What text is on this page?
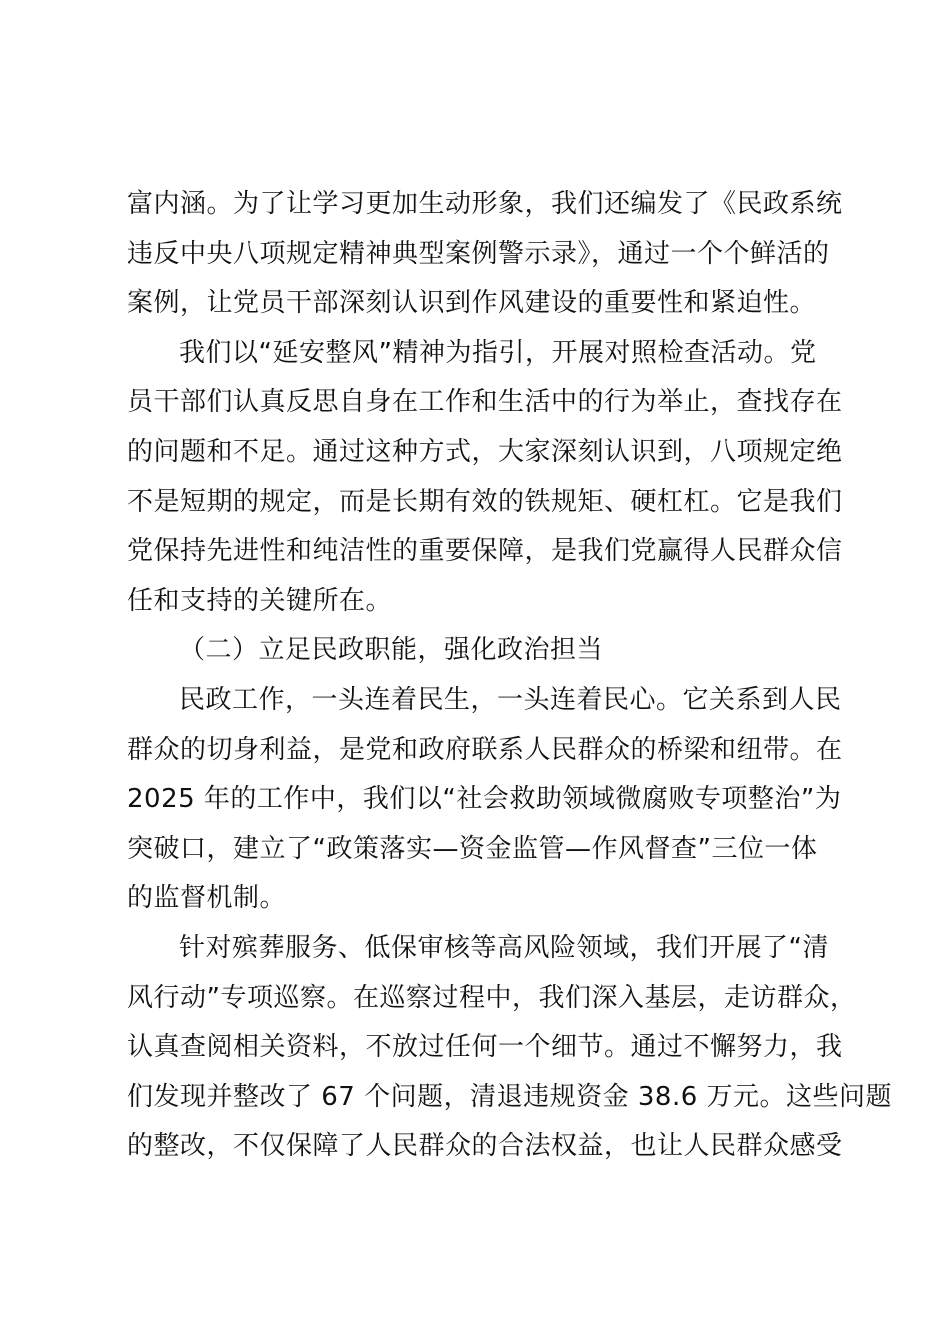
富内涵。为了让学习更加生动形象，我们还编发了《民政系统
违反中央八项规定精神典型案例警示录》，通过一个个鲜活的
案例，让党员干部深刻认识到作风建设的重要性和紧迫性。

我们以“延安整风”精神为指引，开展对照检查活动。党
员干部们认真反思自身在工作和生活中的行为举止，查找存在
的问题和不足。通过这种方式，大家深刻认识到，八项规定绝
不是短期的规定，而是长期有效的铁规矩、硬杠杠。它是我们
党保持先进性和纯洁性的重要保障，是我们党赢得人民群众信
任和支持的关键所在。

（二）立足民政职能，强化政治担当

民政工作，一头连着民生，一头连着民心。它关系到人民
群众的切身利益，是党和政府联系人民群众的桥梁和纽带。在
2025 年的工作中，我们以“社会救助领域微腐败专项整治”为
突破口，建立了“政策落实—资金监管—作风督查”三位一体
的监督机制。

针对殡葬服务、低保审核等高风险领域，我们开展了“清
风行动”专项巡察。在巡察过程中，我们深入基层，走访群众，
认真查阅相关资料，不放过任何一个细节。通过不懈努力，我
们发现并整改了 67 个问题，清退违规资金 38.6 万元。这些问题
的整改，不仅保障了人民群众的合法权益，也让人民群众感受
